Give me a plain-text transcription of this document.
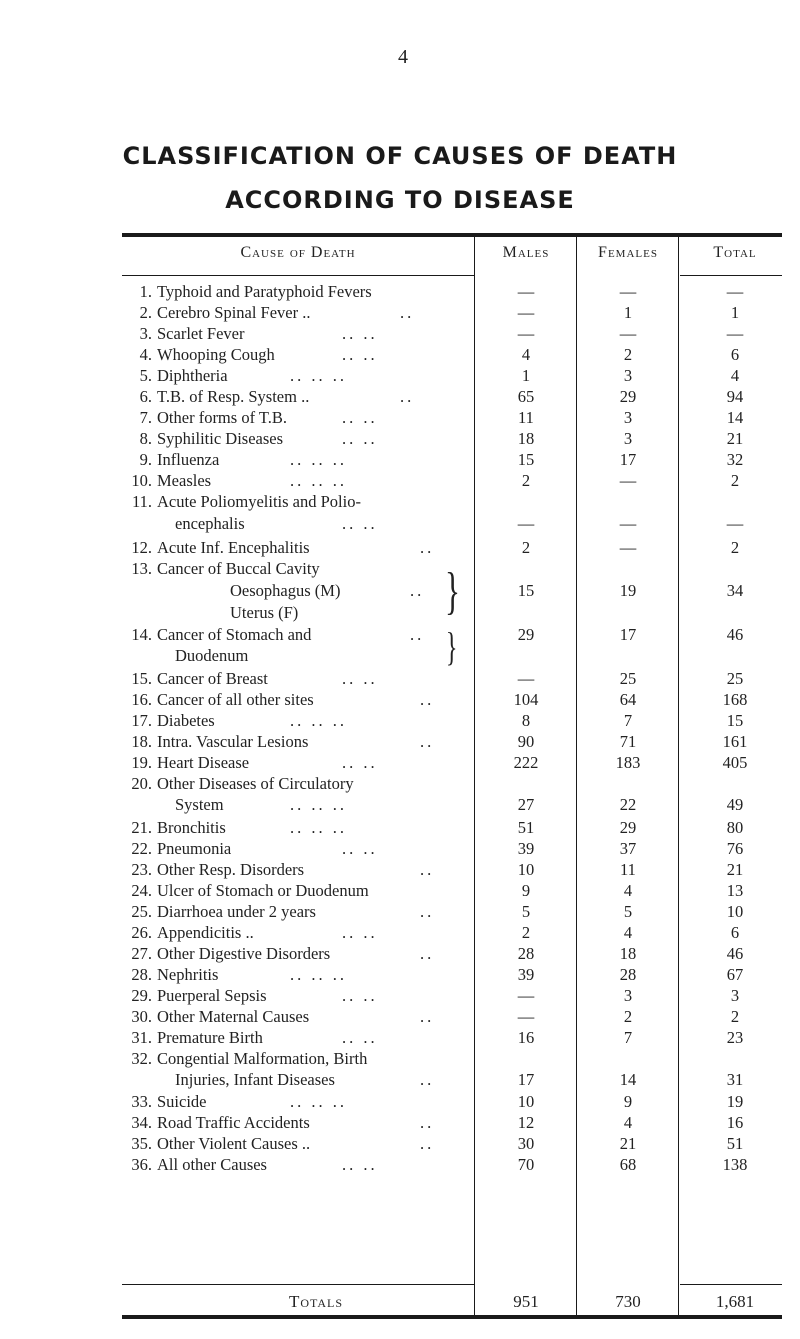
4
CLASSIFICATION OF CAUSES OF DEATH
ACCORDING TO DISEASE
Cause of Death	Males	Females	Total
1. Typhoid and Paratyphoid Fevers	—	—	—
2. Cerebro Spinal Fever ..	..	—	1	1
3. Scarlet Fever	.. ..	—	—	—
4. Whooping Cough	.. ..	4	2	6
5. Diphtheria	.. .. ..	1	3	4
6. T.B. of Resp. System ..	..	65	29	94
7. Other forms of T.B.	.. ..	11	3	14
8. Syphilitic Diseases	.. ..	18	3	21
9. Influenza	.. .. ..	15	17	32
10. Measles	.. .. ..	2	—	2
11. Acute Poliomyelitis and Polio-
encephalis	.. ..	—	—	—
12. Acute Inf. Encephalitis	..	2	—	2
13. Cancer of Buccal Cavity
Oesophagus (M)
Uterus (F)
.. }	15	19	34
14. Cancer of Stomach and
Duodenum
.. }	29	17	46
15. Cancer of Breast	.. ..	—	25	25
16. Cancer of all other sites	..	104	64	168
17. Diabetes	.. .. ..	8	7	15
18. Intra. Vascular Lesions	..	90	71	161
19. Heart Disease	.. ..	222	183	405
20. Other Diseases of Circulatory
System	.. .. ..	27	22	49
21. Bronchitis	.. .. ..	51	29	80
22. Pneumonia	.. ..	39	37	76
23. Other Resp. Disorders	..	10	11	21
24. Ulcer of Stomach or Duodenum	9	4	13
25. Diarrhoea under 2 years	..	5	5	10
26. Appendicitis ..	.. ..	2	4	6
27. Other Digestive Disorders	..	28	18	46
28. Nephritis	.. .. ..	39	28	67
29. Puerperal Sepsis	.. ..	—	3	3
30. Other Maternal Causes	..	—	2	2
31. Premature Birth	.. ..	16	7	23
32. Congential Malformation, Birth
Injuries, Infant Diseases	..	17	14	31
33. Suicide	.. .. ..	10	9	19
34. Road Traffic Accidents	..	12	4	16
35. Other Violent Causes ..	..	30	21	51
36. All other Causes	.. ..	70	68	138
Totals	951	730	1,681
